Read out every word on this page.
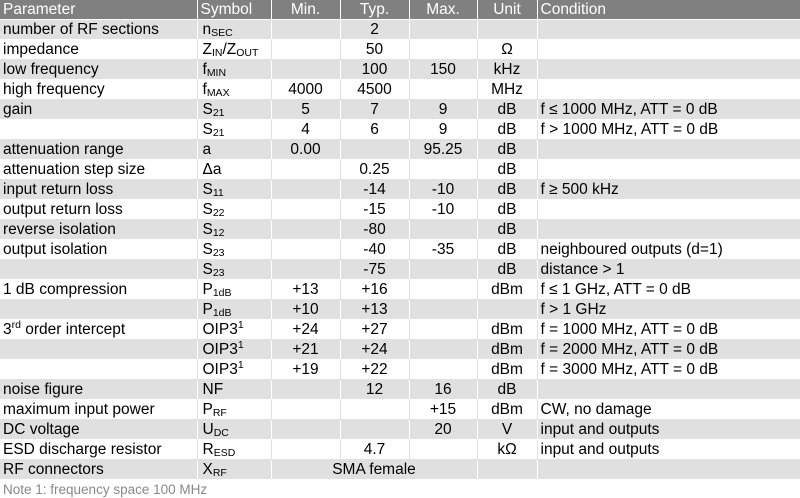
Parameter	Symbol	Min.	Typ.	Max.	Unit	Condition
number of RF sections	$n_{SEC}$		2			
impedance	$Z_{IN}/Z_{OUT}$		50		Ω	
low frequency	$f_{MIN}$		100	150	kHz	
high frequency	$f_{MAX}$	4000	4500		MHz	
gain	$S_{21}$	5	7	9	dB	f ≤ 1000 MHz, ATT = 0 dB
	$S_{21}$	4	6	9	dB	f > 1000 MHz, ATT = 0 dB
attenuation range	a	0.00		95.25	dB	
attenuation step size	Δa		0.25		dB	
input return loss	$S_{11}$		-14	-10	dB	f ≥ 500 kHz
output return loss	$S_{22}$		-15	-10	dB	
reverse isolation	$S_{12}$		-80		dB	
output isolation	$S_{23}$		-40	-35	dB	neighboured outputs (d=1)
	$S_{23}$		-75		dB	distance > 1
1 dB compression	$P_{1dB}$	+13	+16		dBm	f ≤ 1 GHz, ATT = 0 dB
	$P_{1dB}$	+10	+13			f > 1 GHz
3rd order intercept	$OIP3^1$	+24	+27		dBm	f = 1000 MHz, ATT = 0 dB
	$OIP3^1$	+21	+24		dBm	f = 2000 MHz, ATT = 0 dB
	$OIP3^1$	+19	+22		dBm	f = 3000 MHz, ATT = 0 dB
noise figure	NF		12	16	dB	
maximum input power	$P_{RF}$			+15	dBm	CW, no damage
DC voltage	$U_{DC}$			20	V	input and outputs
ESD discharge resistor	$R_{ESD}$		4.7		kΩ	input and outputs
RF connectors	$X_{RF}$	SMA female				
Note 1: frequency space 100 MHz
